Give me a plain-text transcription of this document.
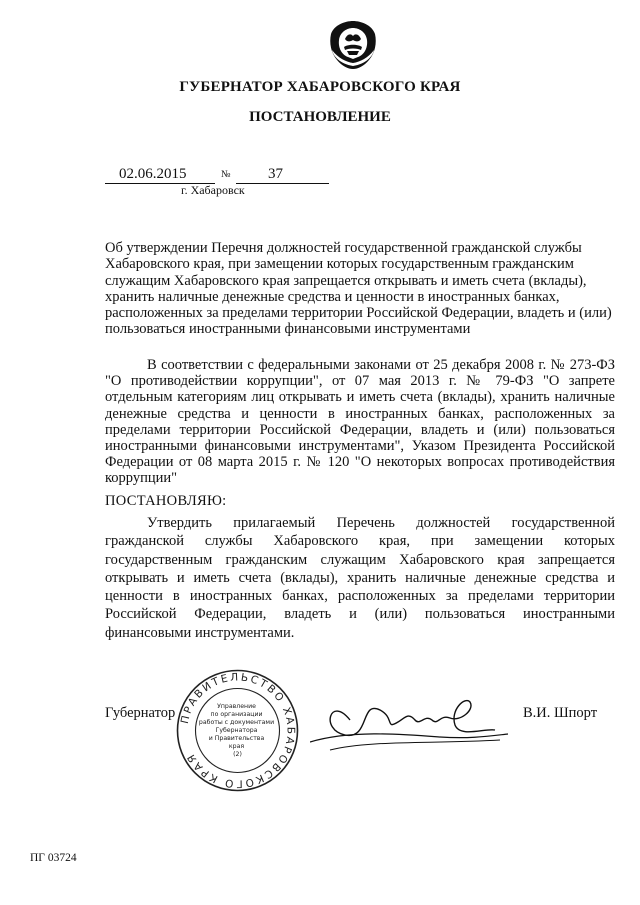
ГУБЕРНАТОР ХАБАРОВСКОГО КРАЯ
ПОСТАНОВЛЕНИЕ
02.06.2015	№ 37
г. Хабаровск
Об утверждении Перечня должностей государственной гражданской службы Хабаровского края, при замещении которых государственным гражданским служащим Хабаровского края запрещается открывать и иметь счета (вклады), хранить наличные денежные средства и ценности в иностранных банках, расположенных за пределами территории Российской Федерации, владеть и (или) пользоваться иностранными финансовыми инструментами
В соответствии с федеральными законами от 25 декабря 2008 г. № 273-ФЗ "О противодействии коррупции", от 07 мая 2013 г. № 79-ФЗ "О запрете отдельным категориям лиц открывать и иметь счета (вклады), хранить наличные денежные средства и ценности в иностранных банках, расположенных за пределами территории Российской Федерации, владеть и (или) пользоваться иностранными финансовыми инструментами", Указом Президента Российской Федерации от 08 марта 2015 г. № 120 "О некоторых вопросах противодействия коррупции"
ПОСТАНОВЛЯЮ:
Утвердить прилагаемый Перечень должностей государственной гражданской службы Хабаровского края, при замещении которых государственным гражданским служащим Хабаровского края запрещается открывать и иметь счета (вклады), хранить наличные денежные средства и ценности в иностранных банках, расположенных за пределами территории Российской Федерации, владеть и (или) пользоваться иностранными финансовыми инструментами.
Губернатор ПРАВИТЕЛЬСТВО ХАБАРОВСКОГО КРАЯ
Управление по организации работы с документами Губернатора и Правительства края (2)
В.И. Шпорт
ПГ 03724
